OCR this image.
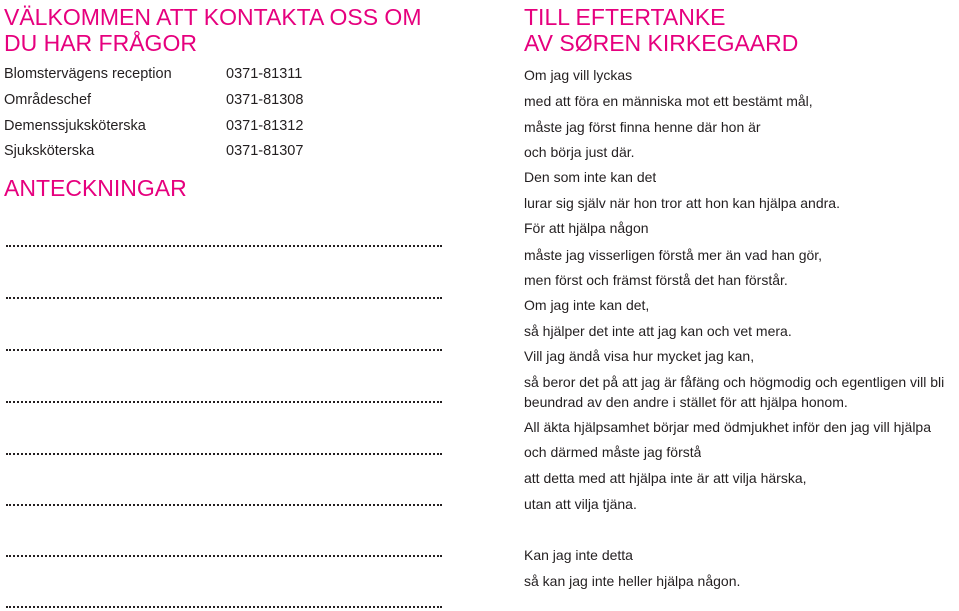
VÄLKOMMEN ATT KONTAKTA OSS OM
DU HAR FRÅGOR
Blomstervägens reception	0371-81311
Områdeschef	0371-81308
Demenssjuksköterska	0371-81312
Sjuksköterska	0371-81307
ANTECKNINGAR
TILL EFTERTANKE
AV SØREN KIRKEGAARD
Om jag vill lyckas
med att föra en människa mot ett bestämt mål,
måste jag först finna henne där hon är
och börja just där.
Den som inte kan det
lurar sig själv när hon tror att hon kan hjälpa andra.
För att hjälpa någon
måste jag visserligen förstå mer än vad han gör,
men först och främst förstå det han förstår.
Om jag inte kan det,
så hjälper det inte att jag kan och vet mera.
Vill jag ändå visa hur mycket jag kan,
så beror det på att jag är fåfäng och högmodig och egentligen vill bli
beundrad av den andre i stället för att hjälpa honom.
All äkta hjälpsamhet börjar med ödmjukhet inför den jag vill hjälpa
och därmed måste jag förstå
att detta med att hjälpa inte är att vilja härska,
utan att vilja tjäna.
Kan jag inte detta
så kan jag inte heller hjälpa någon.
